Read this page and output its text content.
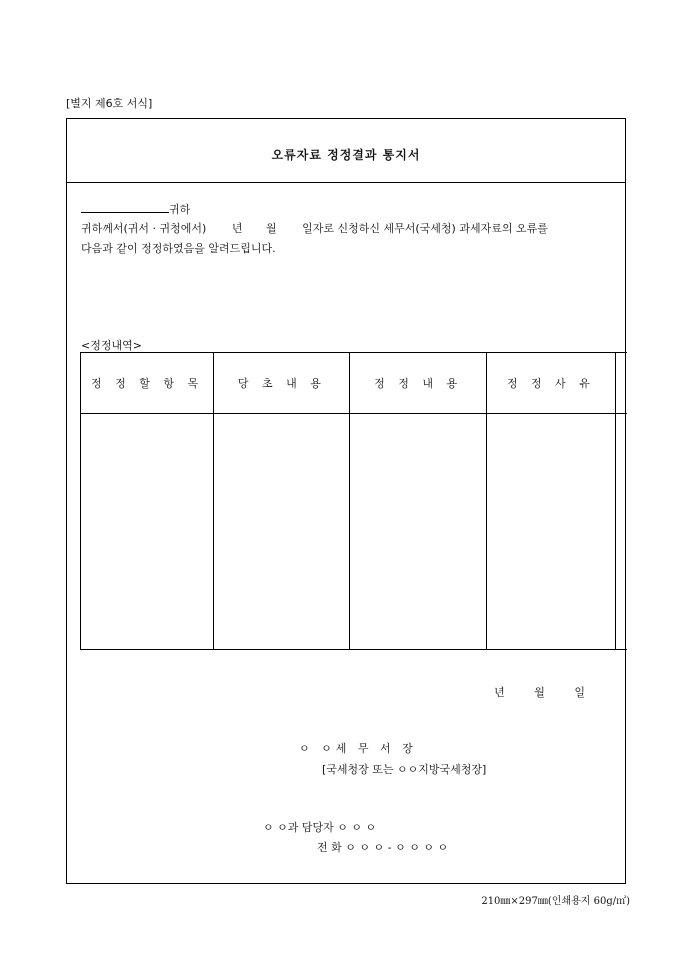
[별지 제6호 서식]
오류자료 정정결과 통지서
귀하
귀하께서(귀서 · 귀청에서) 년 월 일자로 신청하신 세무서(국세청) 과세자료의 오류를
다음과 같이 정정하였음을 알려드립니다.
<정정내역>
정 정 할 항 목	당 초 내 용	정 정 내 용	정 정 사 유	

년	월	일
ㅇ ㅇ세 무 서 장
[국세청장 또는 ㅇㅇ지방국세청장]
ㅇ ㅇ과 담당자 ㅇ ㅇ ㅇ
전 화 ㅇ ㅇ ㅇ - ㅇ ㅇ ㅇ ㅇ
210㎜×297㎜(인쇄용지 60g/㎡)
